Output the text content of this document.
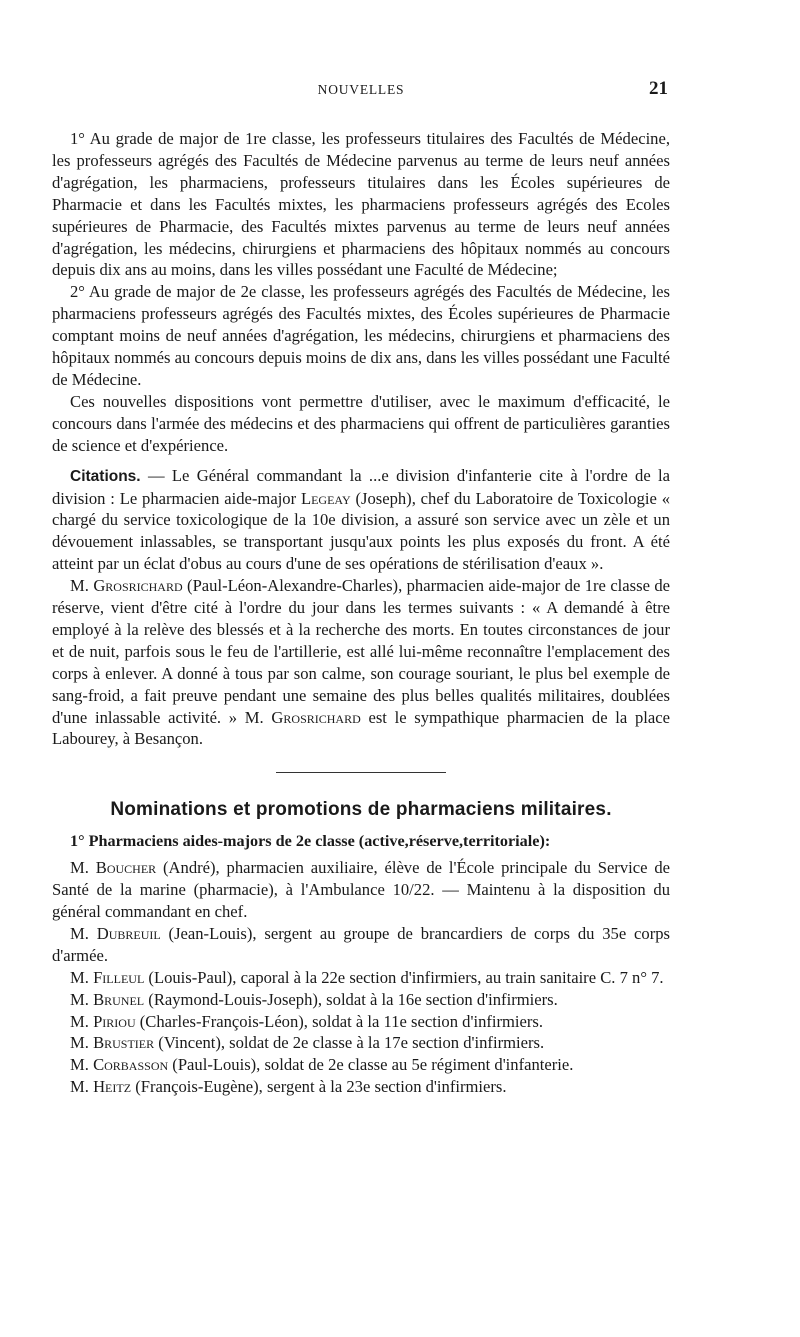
NOUVELLES	21

1° Au grade de major de 1re classe, les professeurs titulaires des Facultés de Médecine, les professeurs agrégés des Facultés de Médecine parvenus au terme de leurs neuf années d'agrégation, les pharmaciens, professeurs titulaires dans les Écoles supérieures de Pharmacie et dans les Facultés mixtes, les pharmaciens professeurs agrégés des Ecoles supérieures de Pharmacie, des Facultés mixtes parvenus au terme de leurs neuf années d'agrégation, les médecins, chirurgiens et pharmaciens des hôpitaux nommés au concours depuis dix ans au moins, dans les villes possédant une Faculté de Médecine;

2° Au grade de major de 2e classe, les professeurs agrégés des Facultés de Médecine, les pharmaciens professeurs agrégés des Facultés mixtes, des Écoles supérieures de Pharmacie comptant moins de neuf années d'agrégation, les médecins, chirurgiens et pharmaciens des hôpitaux nommés au concours depuis moins de dix ans, dans les villes possédant une Faculté de Médecine.

Ces nouvelles dispositions vont permettre d'utiliser, avec le maximum d'efficacité, le concours dans l'armée des médecins et des pharmaciens qui offrent de particulières garanties de science et d'expérience.

Citations. — Le Général commandant la ...e division d'infanterie cite à l'ordre de la division : Le pharmacien aide-major Legeay (Joseph), chef du Laboratoire de Toxicologie « chargé du service toxicologique de la 10e division, a assuré son service avec un zèle et un dévouement inlassables, se transportant jusqu'aux points les plus exposés du front. A été atteint par un éclat d'obus au cours d'une de ses opérations de stérilisation d'eaux ».

M. Grosrichard (Paul-Léon-Alexandre-Charles), pharmacien aide-major de 1re classe de réserve, vient d'être cité à l'ordre du jour dans les termes suivants : « A demandé à être employé à la relève des blessés et à la recherche des morts. En toutes circonstances de jour et de nuit, parfois sous le feu de l'artillerie, est allé lui-même reconnaître l'emplacement des corps à enlever. A donné à tous par son calme, son courage souriant, le plus bel exemple de sang-froid, a fait preuve pendant une semaine des plus belles qualités militaires, doublées d'une inlassable activité. » M. Grosrichard est le sympathique pharmacien de la place Labourey, à Besançon.

Nominations et promotions de pharmaciens militaires.

1° Pharmaciens aides-majors de 2e classe (active,réserve,territoriale):

M. Boucher (André), pharmacien auxiliaire, élève de l'École principale du Service de Santé de la marine (pharmacie), à l'Ambulance 10/22. — Maintenu à la disposition du général commandant en chef.

M. Dubreuil (Jean-Louis), sergent au groupe de brancardiers de corps du 35e corps d'armée.

M. Filleul (Louis-Paul), caporal à la 22e section d'infirmiers, au train sanitaire C. 7 n° 7.

M. Brunel (Raymond-Louis-Joseph), soldat à la 16e section d'infirmiers.

M. Piriou (Charles-François-Léon), soldat à la 11e section d'infirmiers.

M. Brustier (Vincent), soldat de 2e classe à la 17e section d'infirmiers.

M. Corbasson (Paul-Louis), soldat de 2e classe au 5e régiment d'infanterie.

M. Heitz (François-Eugène), sergent à la 23e section d'infirmiers.
